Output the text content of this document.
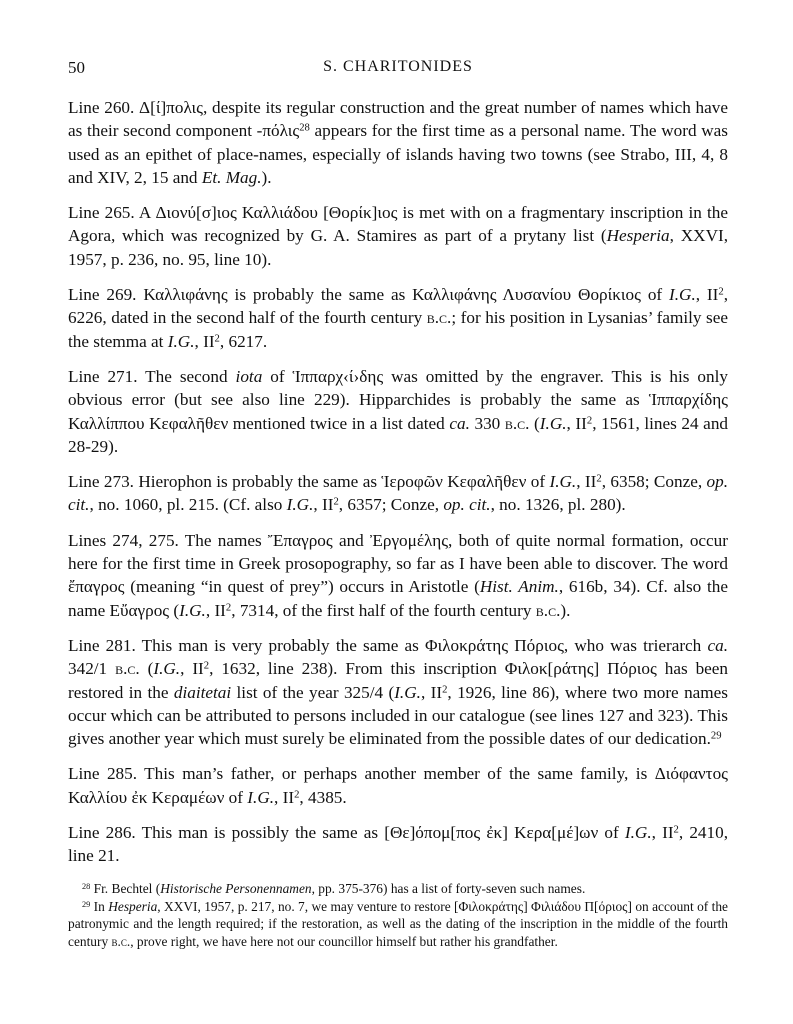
50	S. CHARITONIDES

Line 260. Δ[ί]πολις, despite its regular construction and the great number of names which have as their second component -πόλις$^{28}$ appears for the first time as a personal name. The word was used as an epithet of place-names, especially of islands having two towns (see Strabo, III, 4, 8 and XIV, 2, 15 and Et. Mag.).

Line 265. A Διονύ[σ]ιος Καλλιάδου [Θορίκ]ιος is met with on a fragmentary inscription in the Agora, which was recognized by G. A. Stamires as part of a prytany list (Hesperia, XXVI, 1957, p. 236, no. 95, line 10).

Line 269. Καλλιφάνης is probably the same as Καλλιφάνης Λυσανίου Θορίκιος of I.G., $II^2$, 6226, dated in the second half of the fourth century b.c.; for his position in Lysanias’ family see the stemma at I.G., $II^2$, 6217.

Line 271. The second iota of Ἱππαρχ‹ί›δης was omitted by the engraver. This is his only obvious error (but see also line 229). Hipparchides is probably the same as Ἱππαρχίδης Καλλίππου Κεφαλῆθεν mentioned twice in a list dated ca. 330 b.c. (I.G., $II^2$, 1561, lines 24 and 28-29).

Line 273. Hierophon is probably the same as Ἱεροφῶν Κεφαλῆθεν of I.G., $II^2$, 6358; Conze, op. cit., no. 1060, pl. 215. (Cf. also I.G., $II^2$, 6357; Conze, op. cit., no. 1326, pl. 280).

Lines 274, 275. The names Ἔπαγρος and Ἐργομέλης, both of quite normal formation, occur here for the first time in Greek prosopography, so far as I have been able to discover. The word ἔπαγρος (meaning “in quest of prey”) occurs in Aristotle (Hist. Anim., 616b, 34). Cf. also the name Εὔαγρος (I.G., $II^2$, 7314, of the first half of the fourth century b.c.).

Line 281. This man is very probably the same as Φιλοκράτης Πόριος, who was trierarch ca. 342/1 b.c. (I.G., $II^2$, 1632, line 238). From this inscription Φιλοκ[ράτης] Πόριος has been restored in the diaitetai list of the year 325/4 (I.G., $II^2$, 1926, line 86), where two more names occur which can be attributed to persons included in our catalogue (see lines 127 and 323). This gives another year which must surely be eliminated from the possible dates of our dedication.$^{29}$

Line 285. This man’s father, or perhaps another member of the same family, is Διόφαντος Καλλίου ἐκ Κεραμέων of I.G., $II^2$, 4385.

Line 286. This man is possibly the same as [Θε]όπομ[πος ἐκ] Κερα[μέ]ων of I.G., $II^2$, 2410, line 21.

$^{28}$ Fr. Bechtel (Historische Personennamen, pp. 375-376) has a list of forty-seven such names.

$^{29}$ In Hesperia, XXVI, 1957, p. 217, no. 7, we may venture to restore [Φιλοκράτης] Φιλιάδου Π[όριος] on account of the patronymic and the length required; if the restoration, as well as the dating of the inscription in the middle of the fourth century b.c., prove right, we have here not our councillor himself but rather his grandfather.
